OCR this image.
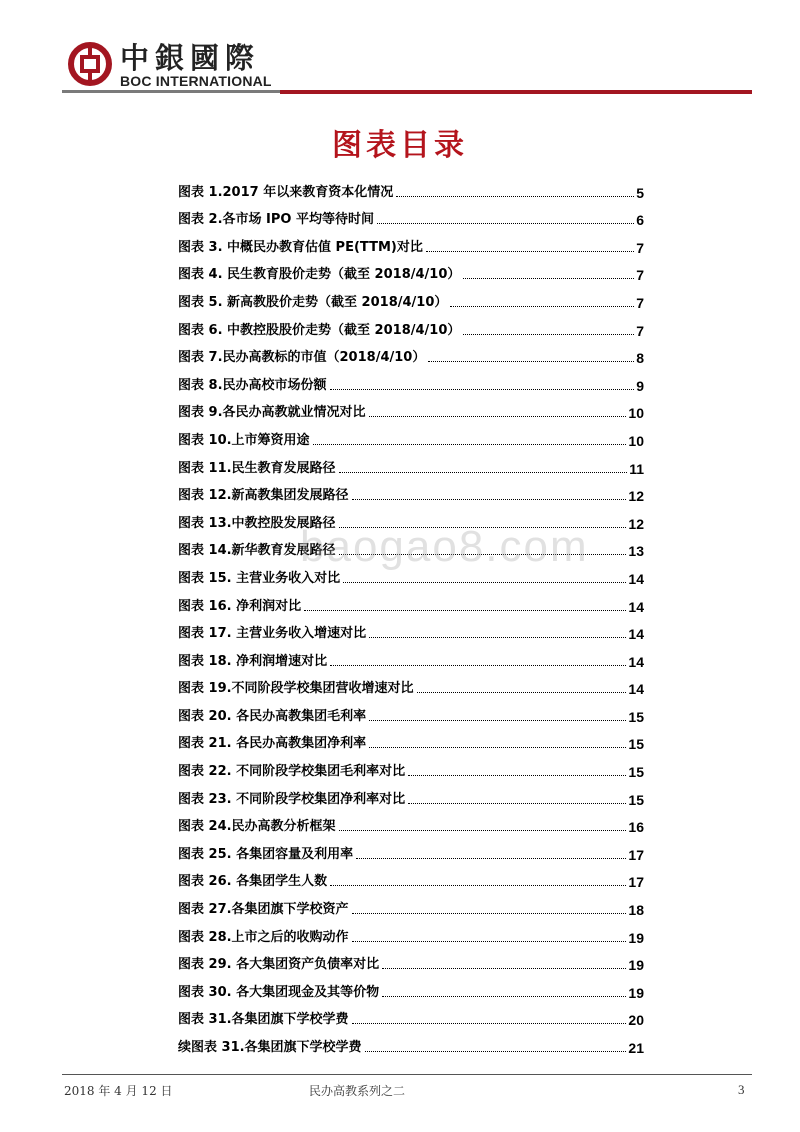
中銀國際
BOC INTERNATIONAL
图表目录
图表 1.2017 年以来教育资本化情况	5
图表 2.各市场 IPO 平均等待时间	6
图表 3. 中概民办教育估值 PE(TTM)对比	7
图表 4. 民生教育股价走势（截至 2018/4/10）	7
图表 5. 新高教股价走势（截至 2018/4/10）	7
图表 6. 中教控股股价走势（截至 2018/4/10）	7
图表 7.民办高教标的市值（2018/4/10）	8
图表 8.民办高校市场份额	9
图表 9.各民办高教就业情况对比	10
图表 10.上市筹资用途	10
图表 11.民生教育发展路径	11
图表 12.新高教集团发展路径	12
图表 13.中教控股发展路径	12
图表 14.新华教育发展路径	13
图表 15. 主营业务收入对比	14
图表 16. 净利润对比	14
图表 17. 主营业务收入增速对比	14
图表 18. 净利润增速对比	14
图表 19.不同阶段学校集团营收增速对比	14
图表 20. 各民办高教集团毛利率	15
图表 21. 各民办高教集团净利率	15
图表 22. 不同阶段学校集团毛利率对比	15
图表 23. 不同阶段学校集团净利率对比	15
图表 24.民办高教分析框架	16
图表 25. 各集团容量及利用率	17
图表 26. 各集团学生人数	17
图表 27.各集团旗下学校资产	18
图表 28.上市之后的收购动作	19
图表 29. 各大集团资产负债率对比	19
图表 30. 各大集团现金及其等价物	19
图表 31.各集团旗下学校学费	20
续图表 31.各集团旗下学校学费	21
baogao8.com
2018 年 4 月 12 日	民办高教系列之二	3
